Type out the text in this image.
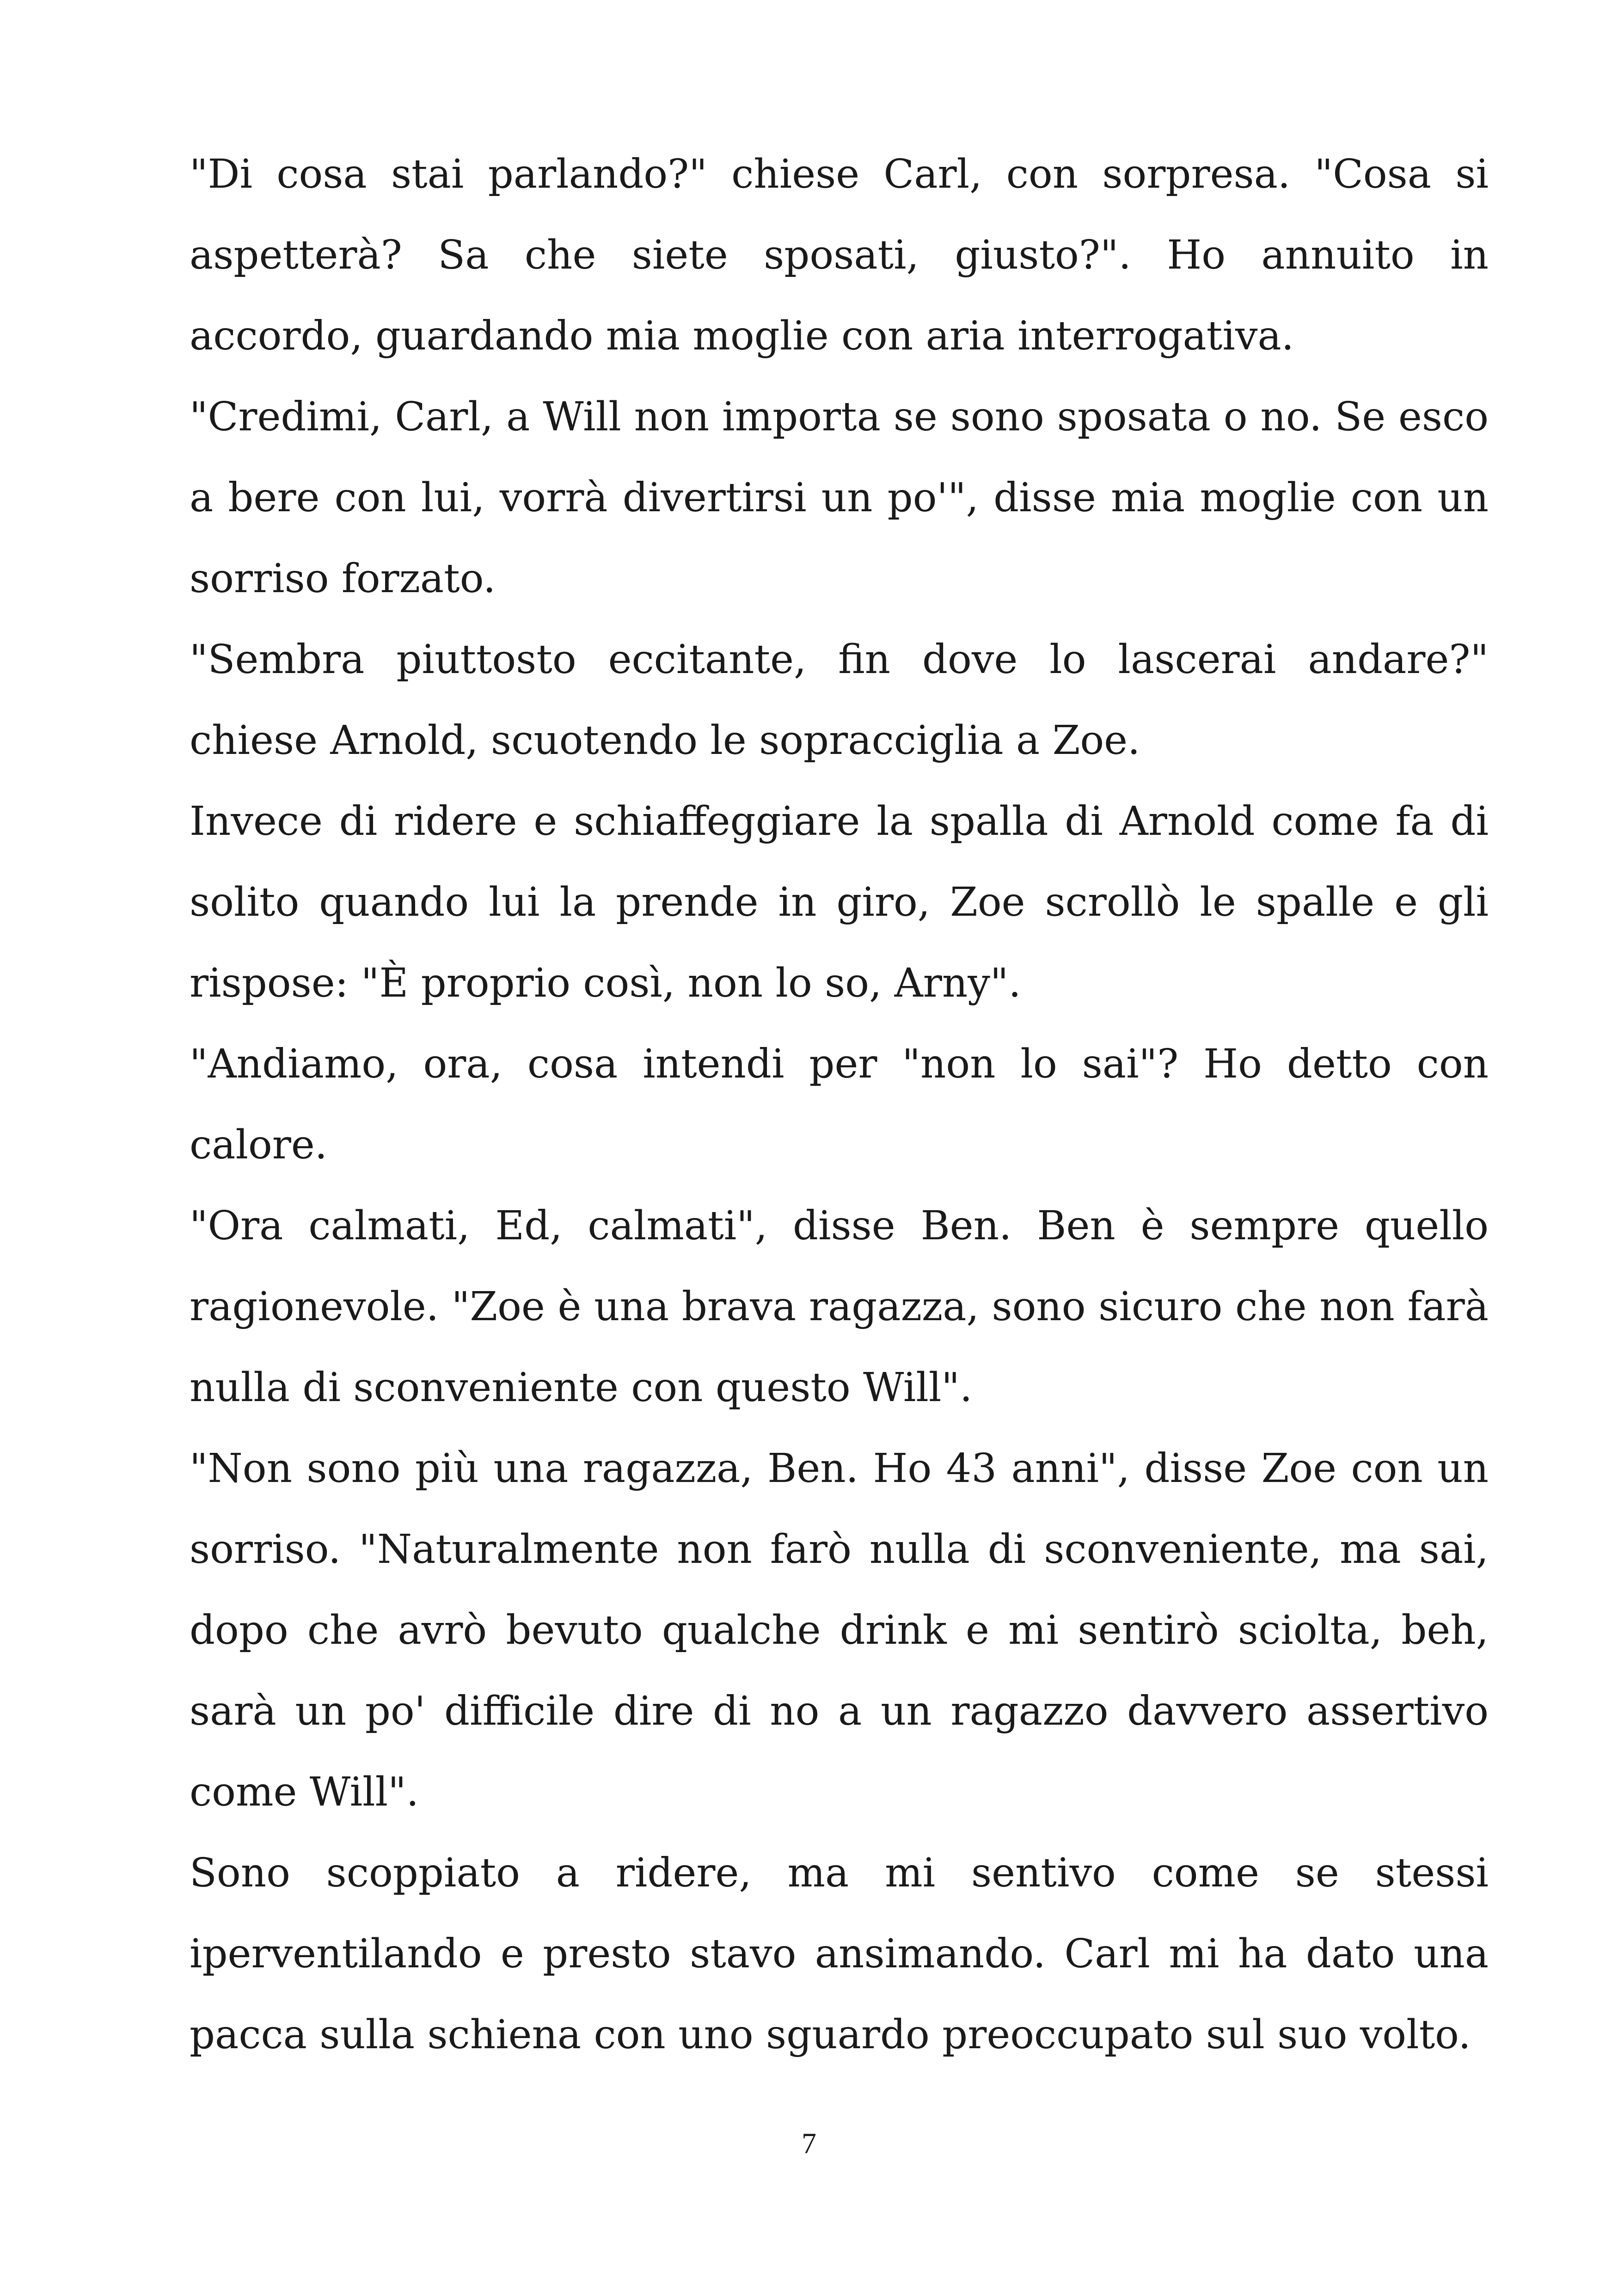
"Di cosa stai parlando?" chiese Carl, con sorpresa. "Cosa si aspetterà? Sa che siete sposati, giusto?". Ho annuito in accordo, guardando mia moglie con aria interrogativa.

"Credimi, Carl, a Will non importa se sono sposata o no. Se esco a bere con lui, vorrà divertirsi un po'", disse mia moglie con un sorriso forzato.

"Sembra piuttosto eccitante, fin dove lo lascerai andare?" chiese Arnold, scuotendo le sopracciglia a Zoe.

Invece di ridere e schiaffeggiare la spalla di Arnold come fa di solito quando lui la prende in giro, Zoe scrollò le spalle e gli rispose: "È proprio così, non lo so, Arny".

"Andiamo, ora, cosa intendi per "non lo sai"? Ho detto con calore.

"Ora calmati, Ed, calmati", disse Ben. Ben è sempre quello ragionevole. "Zoe è una brava ragazza, sono sicuro che non farà nulla di sconveniente con questo Will".

"Non sono più una ragazza, Ben. Ho 43 anni", disse Zoe con un sorriso. "Naturalmente non farò nulla di sconveniente, ma sai, dopo che avrò bevuto qualche drink e mi sentirò sciolta, beh, sarà un po' difficile dire di no a un ragazzo davvero assertivo come Will".

Sono scoppiato a ridere, ma mi sentivo come se stessi iperventilando e presto stavo ansimando. Carl mi ha dato una pacca sulla schiena con uno sguardo preoccupato sul suo volto.

7
